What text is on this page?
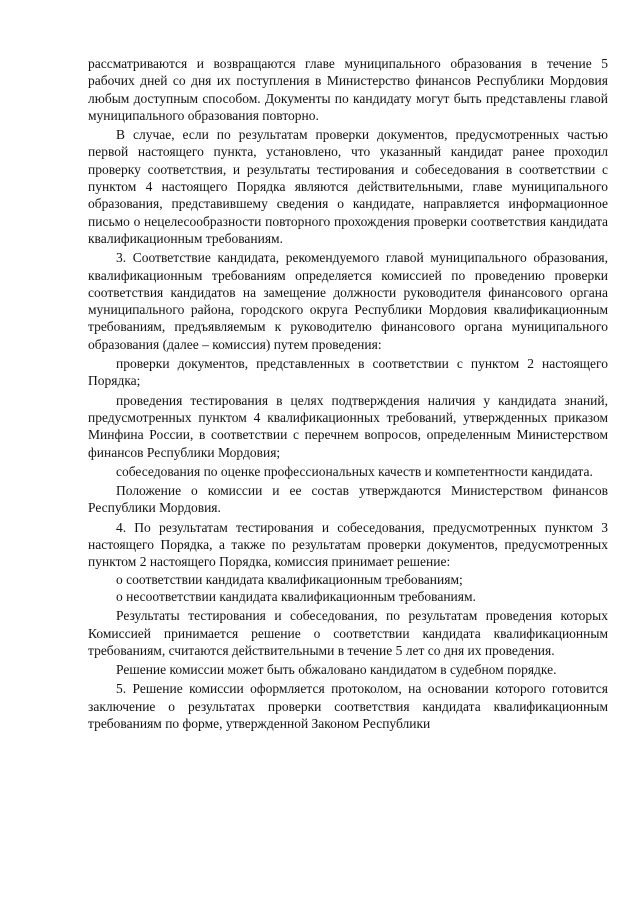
рассматриваются и возвращаются главе муниципального образования в течение 5 рабочих дней со дня их поступления в Министерство финансов Республики Мордовия любым доступным способом. Документы по кандидату могут быть представлены главой муниципального образования повторно.

В случае, если по результатам проверки документов, предусмотренных частью первой настоящего пункта, установлено, что указанный кандидат ранее проходил проверку соответствия, и результаты тестирования и собеседования в соответствии с пунктом 4 настоящего Порядка являются действительными, главе муниципального образования, представившему сведения о кандидате, направляется информационное письмо о нецелесообразности повторного прохождения проверки соответствия кандидата квалификационным требованиям.

3. Соответствие кандидата, рекомендуемого главой муниципального образования, квалификационным требованиям определяется комиссией по проведению проверки соответствия кандидатов на замещение должности руководителя финансового органа муниципального района, городского округа Республики Мордовия квалификационным требованиям, предъявляемым к руководителю финансового органа муниципального образования (далее – комиссия) путем проведения:

проверки документов, представленных в соответствии с пунктом 2 настоящего Порядка;

проведения тестирования в целях подтверждения наличия у кандидата знаний, предусмотренных пунктом 4 квалификационных требований, утвержденных приказом Минфина России, в соответствии с перечнем вопросов, определенным Министерством финансов Республики Мордовия;

собеседования по оценке профессиональных качеств и компетентности кандидата.

Положение о комиссии и ее состав утверждаются Министерством финансов Республики Мордовия.

4. По результатам тестирования и собеседования, предусмотренных пунктом 3 настоящего Порядка, а также по результатам проверки документов, предусмотренных пунктом 2 настоящего Порядка, комиссия принимает решение:

о соответствии кандидата квалификационным требованиям;

о несоответствии кандидата квалификационным требованиям.

Результаты тестирования и собеседования, по результатам проведения которых Комиссией принимается решение о соответствии кандидата квалификационным требованиям, считаются действительными в течение 5 лет со дня их проведения.

Решение комиссии может быть обжаловано кандидатом в судебном порядке.

5. Решение комиссии оформляется протоколом, на основании которого готовится заключение о результатах проверки соответствия кандидата квалификационным требованиям по форме, утвержденной Законом Республики
